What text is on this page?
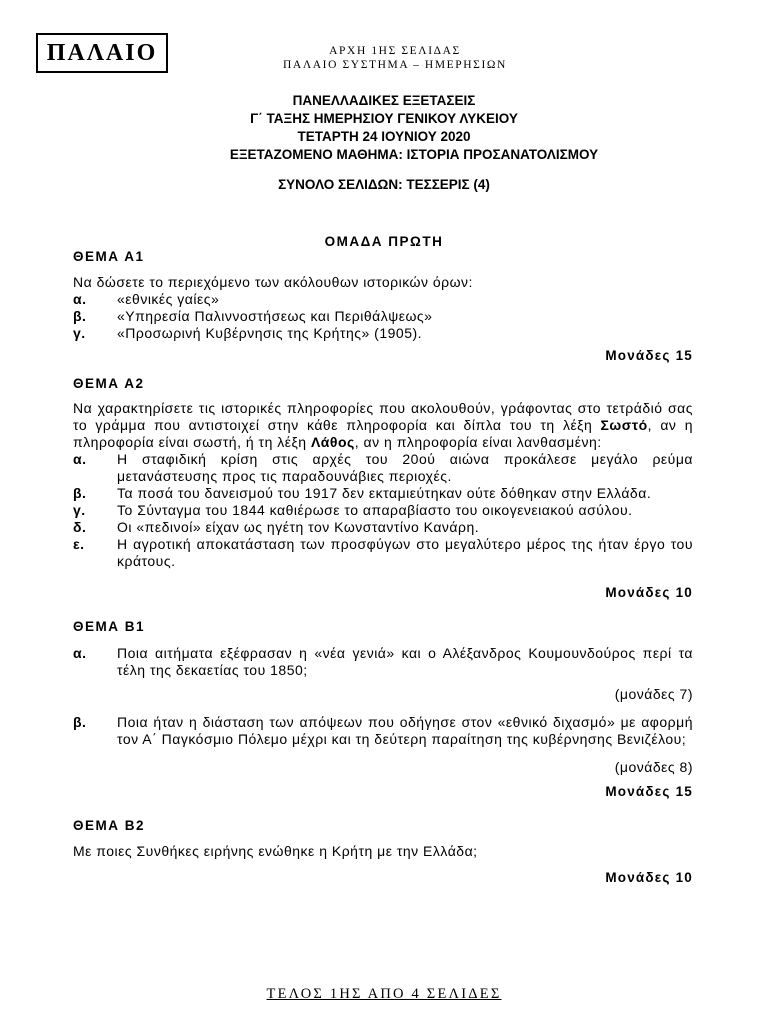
ΠΑΛΑΙΟ	ΑΡΧΗ 1ΗΣ ΣΕΛΙΔΑΣ
ΠΑΛΑΙΟ ΣΥΣΤΗΜΑ – ΗΜΕΡΗΣΙΩΝ
ΠΑΝΕΛΛΑΔΙΚΕΣ ΕΞΕΤΑΣΕΙΣ
Γ΄ ΤΑΞΗΣ ΗΜΕΡΗΣΙΟΥ ΓΕΝΙΚΟΥ ΛΥΚΕΙΟΥ
ΤΕΤΑΡΤΗ 24 ΙΟΥΝΙΟΥ 2020
ΕΞΕΤΑΖΟΜΕΝΟ ΜΑΘΗΜΑ: ΙΣΤΟΡΙΑ ΠΡΟΣΑΝΑΤΟΛΙΣΜΟΥ
ΣΥΝΟΛΟ ΣΕΛΙΔΩΝ: ΤΕΣΣΕΡΙΣ (4)
ΟΜΑΔΑ ΠΡΩΤΗ
ΘΕΜΑ Α1
Να δώσετε το περιεχόμενο των ακόλουθων ιστορικών όρων:
α.	«εθνικές γαίες»
β.	«Υπηρεσία Παλιννοστήσεως και Περιθάλψεως»
γ.	«Προσωρινή Κυβέρνησις της Κρήτης» (1905).
Μονάδες 15
ΘΕΜΑ Α2
Να χαρακτηρίσετε τις ιστορικές πληροφορίες που ακολουθούν, γράφοντας στο τετράδιό σας το γράμμα που αντιστοιχεί στην κάθε πληροφορία και δίπλα του τη λέξη Σωστό, αν η πληροφορία είναι σωστή, ή τη λέξη Λάθος, αν η πληροφορία είναι λανθασμένη:
α.	Η σταφιδική κρίση στις αρχές του 20ού αιώνα προκάλεσε μεγάλο ρεύμα μετανάστευσης προς τις παραδουνάβιες περιοχές.
β.	Τα ποσά του δανεισμού του 1917 δεν εκταμιεύτηκαν ούτε δόθηκαν στην Ελλάδα.
γ.	Το Σύνταγμα του 1844 καθιέρωσε το απαραβίαστο του οικογενειακού ασύλου.
δ.	Οι «πεδινοί» είχαν ως ηγέτη τον Κωνσταντίνο Κανάρη.
ε.	Η αγροτική αποκατάσταση των προσφύγων στο μεγαλύτερο μέρος της ήταν έργο του κράτους.
Μονάδες 10
ΘΕΜΑ Β1
α.	Ποια αιτήματα εξέφρασαν η «νέα γενιά» και ο Αλέξανδρος Κουμουνδούρος περί τα τέλη της δεκαετίας του 1850;
(μονάδες 7)
β.	Ποια ήταν η διάσταση των απόψεων που οδήγησε στον «εθνικό διχασμό» με αφορμή τον Α΄ Παγκόσμιο Πόλεμο μέχρι και τη δεύτερη παραίτηση της κυβέρνησης Βενιζέλου;
(μονάδες 8)
Μονάδες 15
ΘΕΜΑ Β2
Με ποιες Συνθήκες ειρήνης ενώθηκε η Κρήτη με την Ελλάδα;
Μονάδες 10
ΤΕΛΟΣ 1ΗΣ ΑΠΟ 4 ΣΕΛΙΔΕΣ
